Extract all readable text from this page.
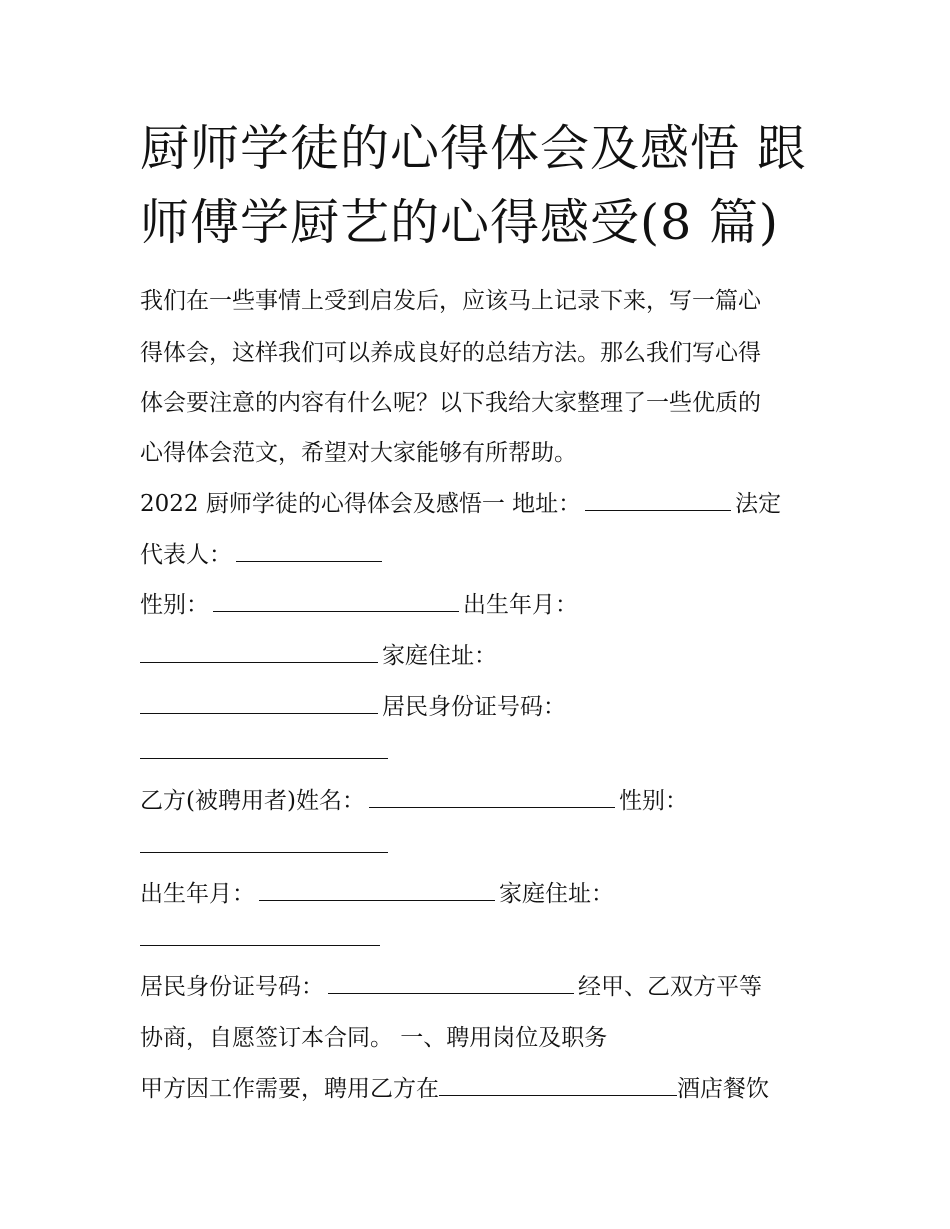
厨师学徒的心得体会及感悟 跟
师傅学厨艺的心得感受(8 篇)
我们在一些事情上受到启发后，应该马上记录下来，写一篇心
得体会，这样我们可以养成良好的总结方法。那么我们写心得
体会要注意的内容有什么呢？以下我给大家整理了一些优质的
心得体会范文，希望对大家能够有所帮助。
2022 厨师学徒的心得体会及感悟一 地址：	法定
代表人：
性别：	出生年月：
家庭住址：
居民身份证号码：
乙方(被聘用者)姓名：	性别：
出生年月：	家庭住址：
居民身份证号码：	经甲、乙双方平等
协商，自愿签订本合同。 一、聘用岗位及职务
甲方因工作需要，聘用乙方在	酒店餐饮
